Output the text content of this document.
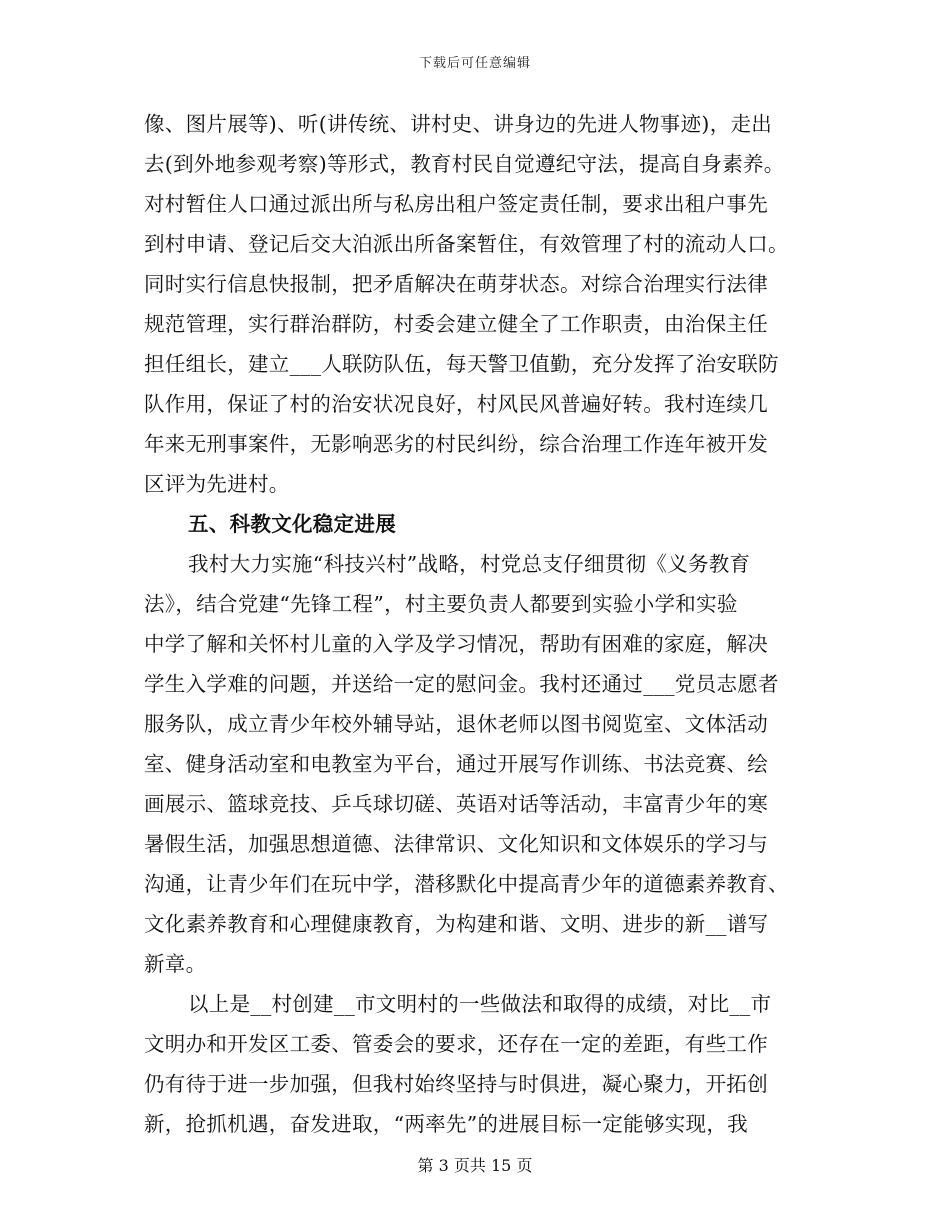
下载后可任意编辑
像、图片展等)、听(讲传统、讲村史、讲身边的先进人物事迹)，走出
去(到外地参观考察)等形式，教育村民自觉遵纪守法，提高自身素养。
对村暂住人口通过派出所与私房出租户签定责任制，要求出租户事先
到村申请、登记后交大泊派出所备案暂住，有效管理了村的流动人口。
同时实行信息快报制，把矛盾解决在萌芽状态。对综合治理实行法律
规范管理，实行群治群防，村委会建立健全了工作职责，由治保主任
担任组长，建立___人联防队伍，每天警卫值勤，充分发挥了治安联防
队作用，保证了村的治安状况良好，村风民风普遍好转。我村连续几
年来无刑事案件，无影响恶劣的村民纠纷，综合治理工作连年被开发
区评为先进村。
五、科教文化稳定进展
我村大力实施“科技兴村”战略，村党总支仔细贯彻《义务教育
法》，结合党建“先锋工程”，村主要负责人都要到实验小学和实验
中学了解和关怀村儿童的入学及学习情况，帮助有困难的家庭，解决
学生入学难的问题，并送给一定的慰问金。我村还通过___党员志愿者
服务队，成立青少年校外辅导站，退休老师以图书阅览室、文体活动
室、健身活动室和电教室为平台，通过开展写作训练、书法竞赛、绘
画展示、篮球竞技、乒乓球切磋、英语对话等活动，丰富青少年的寒
暑假生活，加强思想道德、法律常识、文化知识和文体娱乐的学习与
沟通，让青少年们在玩中学，潜移默化中提高青少年的道德素养教育、
文化素养教育和心理健康教育，为构建和谐、文明、进步的新__谱写
新章。
以上是__村创建__市文明村的一些做法和取得的成绩，对比__市
文明办和开发区工委、管委会的要求，还存在一定的差距，有些工作
仍有待于进一步加强，但我村始终坚持与时俱进，凝心聚力，开拓创
新，抢抓机遇，奋发进取，“两率先”的进展目标一定能够实现，我
第 3 页共 15 页
